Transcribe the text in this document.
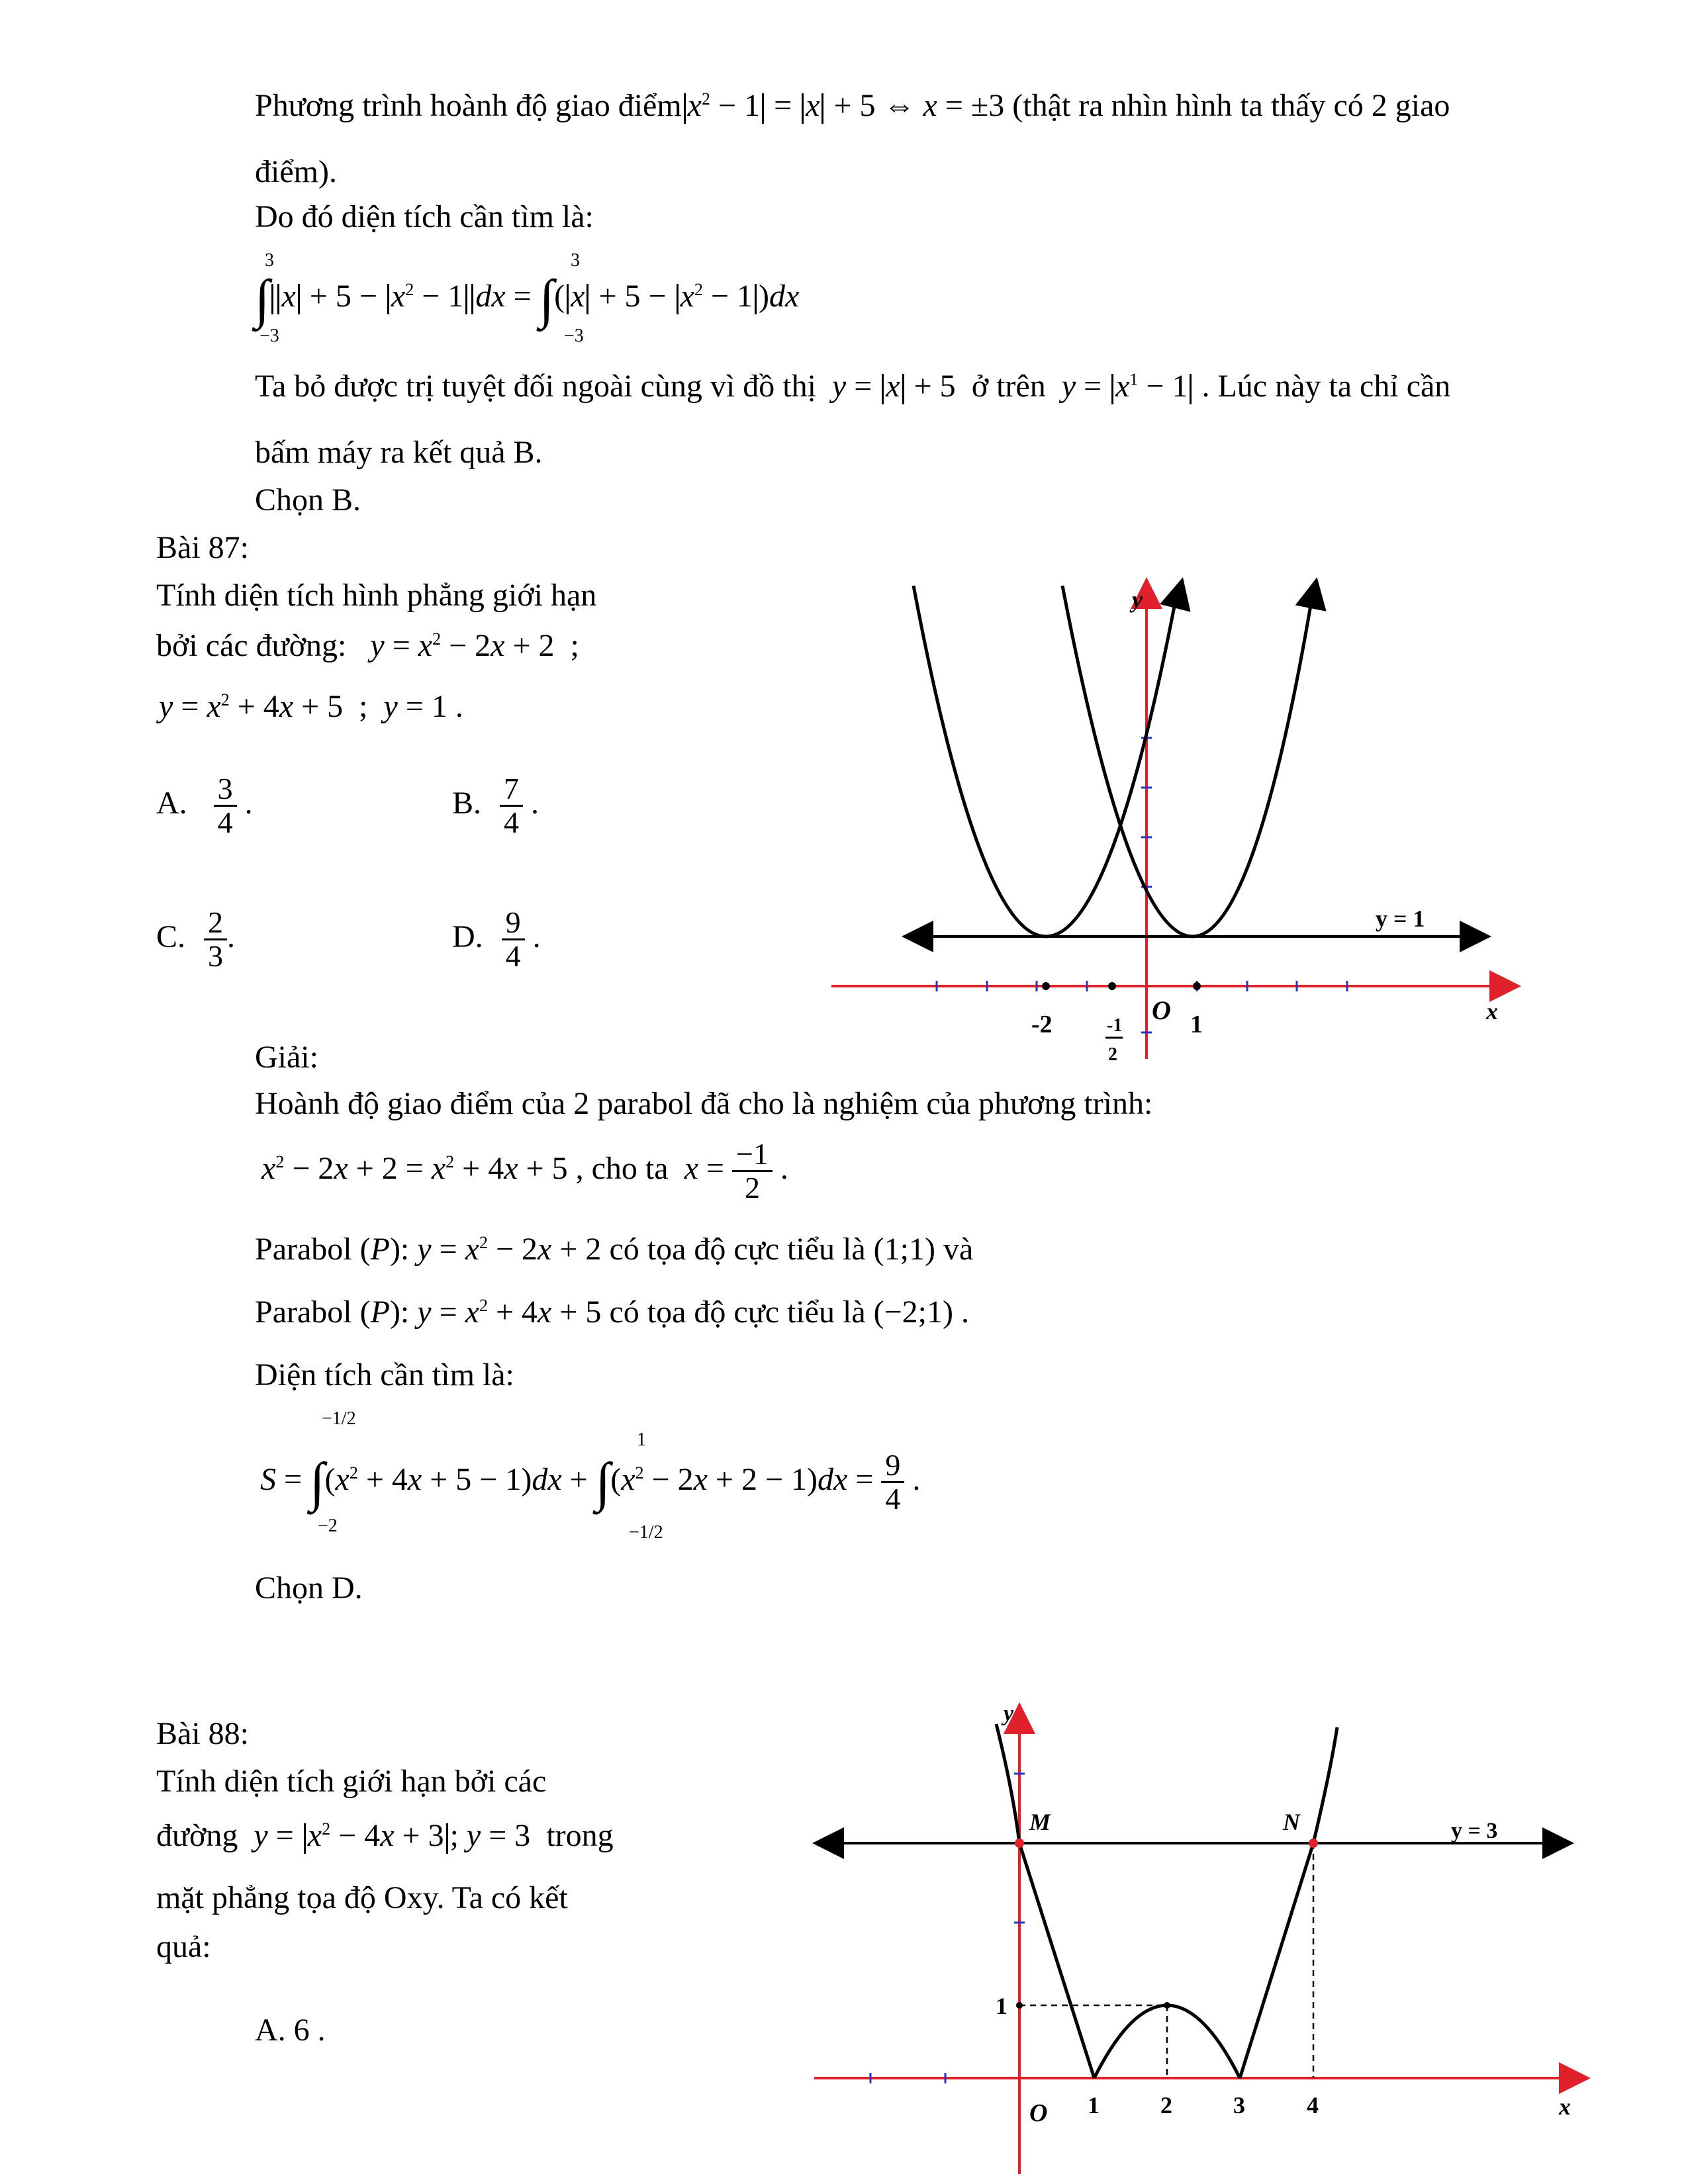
Phương trình hoành độ giao điểm $x^2 - 1 = x + 5$ ⇔ x = ±3 (thật ra nhìn hình ta thấy có 2 giao
điểm).
Do đó diện tích cần tìm là:
∫ $x + 5 - x^2 - 1$ dx = ∫( $x + 5 - x^2 - 1$ )dx
3
−3
3
−3
Ta bỏ được trị tuyệt đối ngoài cùng vì đồ thị y = x + 5  ở trên $y = x^1 - 1$ . Lúc này ta chỉ cần
bấm máy ra kết quả B.
Chọn B.
Bài 87:
Tính diện tích hình phẳng giới hạn
bởi các đường: $y = x^2 - 2x + 2$  ;
$y = x^2 + 4x + 5$  ;  y = 1 .
A. $\frac{3}{4}$ .	B. $\frac{7}{4}$ .
C. $\frac{2}{3}$ .	D. $\frac{9}{4}$ .
y
x
O
y = 1
-2	1
-1
2
Giải:
Hoành độ giao điểm của 2 parabol đã cho là nghiệm của phương trình:
$x^2 - 2x + 2 = x^2 + 4x + 5$ , cho ta $x = \frac{-1}{2}$ .
Parabol (P): $y = x^2 - 2x + 2$ có tọa độ cực tiểu là (1;1) và
Parabol (P): $y = x^2 + 4x + 5$ có tọa độ cực tiểu là (−2;1) .
Diện tích cần tìm là:
$S = \int(x^2 + 4x + 5 - 1)dx + \int(x^2 - 2x + 2 - 1)dx = \frac{9}{4}$ .
−1/2
−2
1
−1/2
Chọn D.
Bài 88:
Tính diện tích giới hạn bởi các
đường $y = x^2 - 4x + 3$ ; y = 3  trong
mặt phẳng tọa độ Oxy. Ta có kết
quả:
A. 6 .
y
x
O
M	N	y = 3
1
1	2	3	4
